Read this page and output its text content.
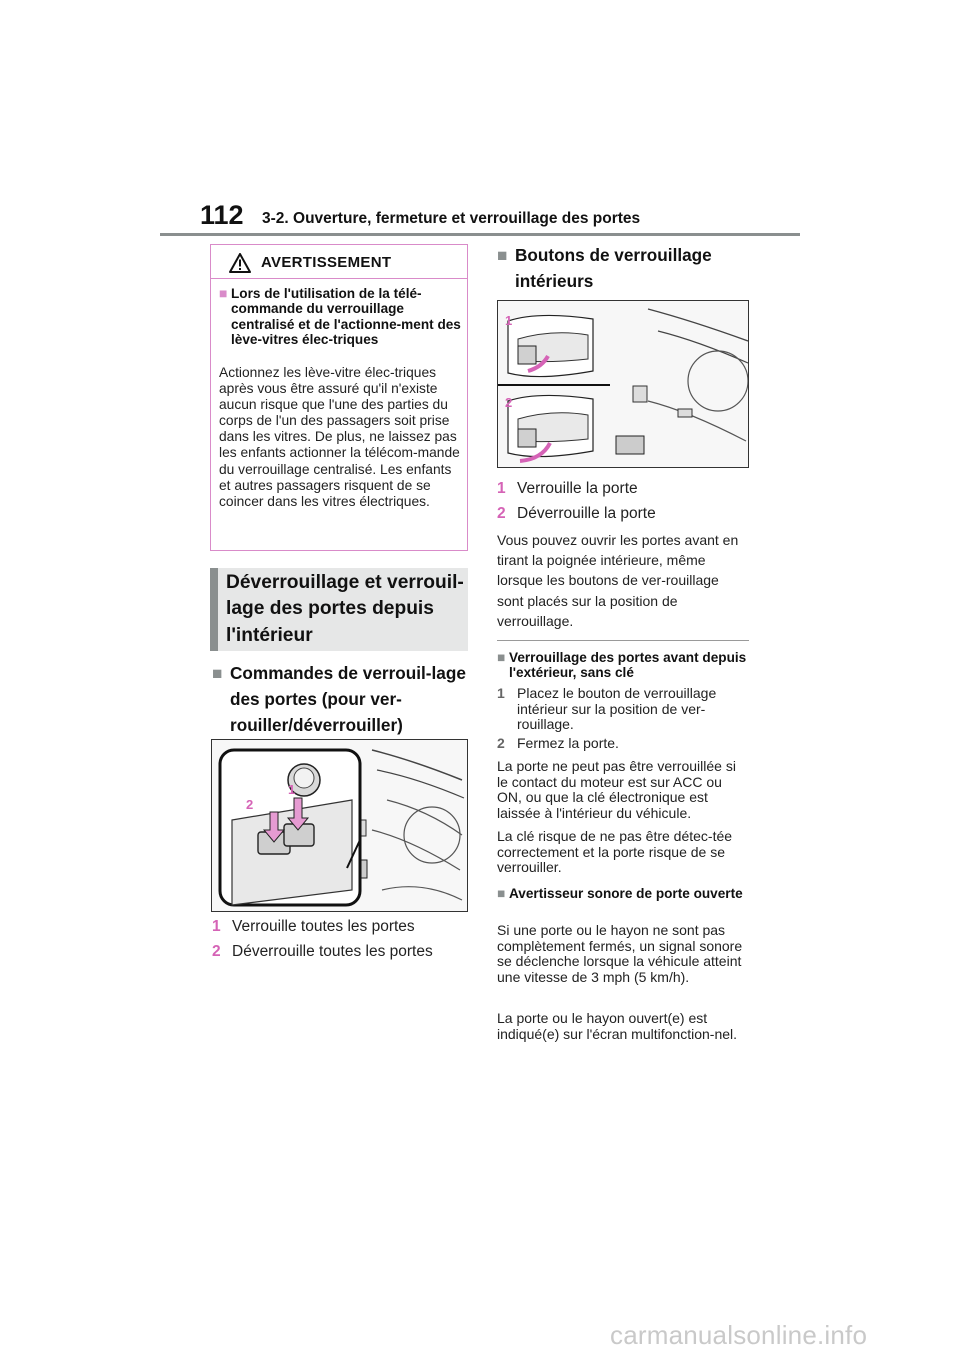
112 3-2. Ouverture, fermeture et verrouillage des portes
AVERTISSEMENT
■ Lors de l'utilisation de la télé-commande du verrouillage centralisé et de l'actionne-ment des lève-vitres élec-triques
Actionnez les lève-vitre élec-triques après vous être assuré qu'il n'existe aucun risque que l'une des parties du corps de l'un des passagers soit prise dans les vitres. De plus, ne laissez pas les enfants actionner la télécom-mande du verrouillage centralisé. Les enfants et autres passagers risquent de se coincer dans les vitres électriques.
Déverrouillage et verrouil-lage des portes depuis l'intérieur
■ Commandes de verrouil-lage des portes (pour ver-rouiller/déverrouiller)
2
1
1 Verrouille toutes les portes
2 Déverrouille toutes les portes
■ Boutons de verrouillage intérieurs
1
2
1 Verrouille la porte
2 Déverrouille la porte
Vous pouvez ouvrir les portes avant en tirant la poignée intérieure, même lorsque les boutons de ver-rouillage sont placés sur la position de verrouillage.
■ Verrouillage des portes avant depuis l'extérieur, sans clé
1 Placez le bouton de verrouillage intérieur sur la position de ver-rouillage.
2 Fermez la porte.
La porte ne peut pas être verrouillée si le contact du moteur est sur ACC ou ON, ou que la clé électronique est laissée à l'intérieur du véhicule.
La clé risque de ne pas être détec-tée correctement et la porte risque de se verrouiller.
■ Avertisseur sonore de porte ouverte
Si une porte ou le hayon ne sont pas complètement fermés, un signal sonore se déclenche lorsque la véhicule atteint une vitesse de 3 mph (5 km/h).
La porte ou le hayon ouvert(e) est indiqué(e) sur l'écran multifonction-nel.
carmanualsonline.info
